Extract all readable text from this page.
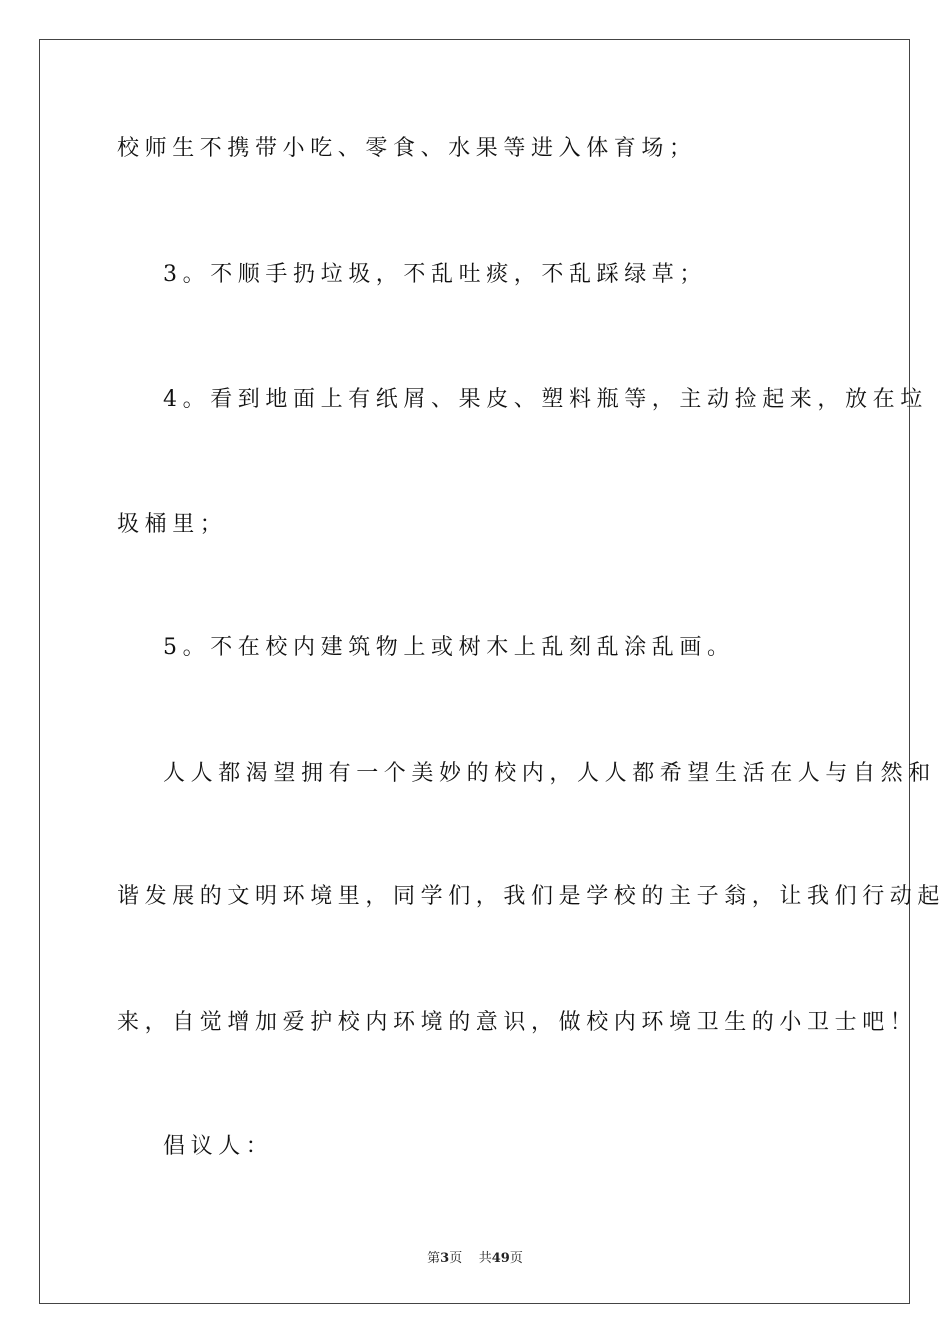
校师生不携带小吃、零食、水果等进入体育场；
3。不顺手扔垃圾，不乱吐痰，不乱踩绿草；
4。看到地面上有纸屑、果皮、塑料瓶等，主动捡起来，放在垃
圾桶里；
5。不在校内建筑物上或树木上乱刻乱涂乱画。
人人都渴望拥有一个美妙的校内，人人都希望生活在人与自然和
谐发展的文明环境里，同学们，我们是学校的主子翁，让我们行动起
来，自觉增加爱护校内环境的意识，做校内环境卫生的小卫士吧！
倡议人：
第3页 共49页
